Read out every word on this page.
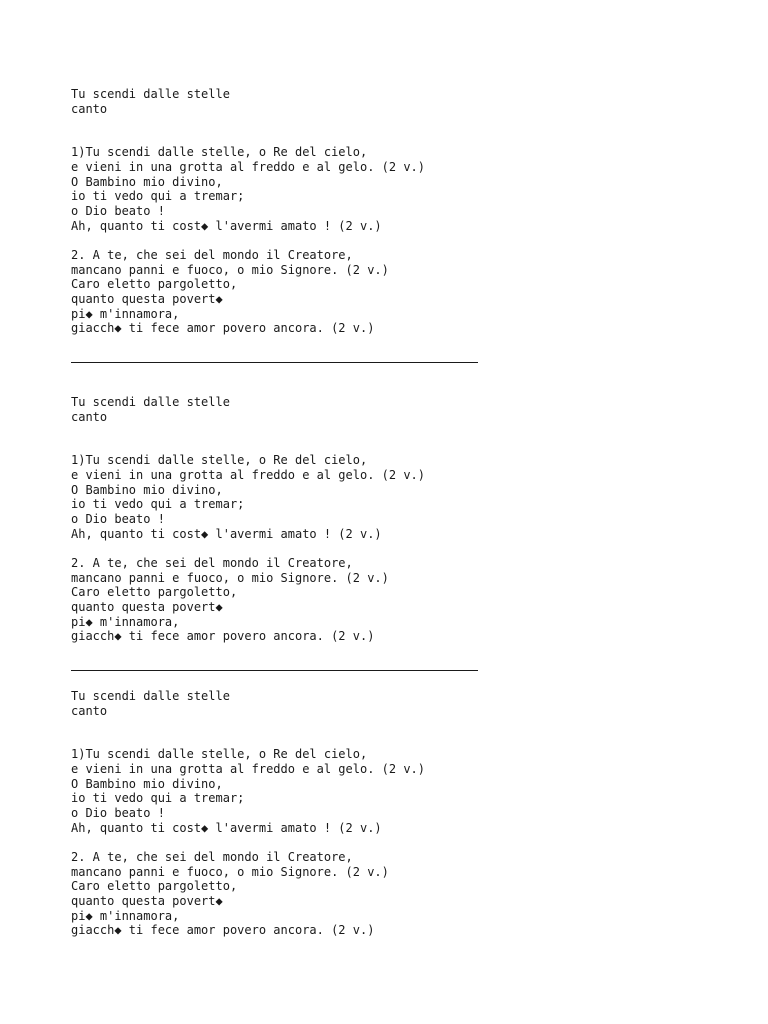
Tu scendi dalle stelle
canto
1)Tu scendi dalle stelle, o Re del cielo,
e vieni in una grotta al freddo e al gelo. (2 v.)
O Bambino mio divino,
io ti vedo qui a tremar;
o Dio beato !
Ah, quanto ti cost◆ l'avermi amato ! (2 v.)
2. A te, che sei del mondo il Creatore,
mancano panni e fuoco, o mio Signore. (2 v.)
Caro eletto pargoletto,
quanto questa povert◆
pi◆ m'innamora,
giacch◆ ti fece amor povero ancora. (2 v.)
Tu scendi dalle stelle
canto
1)Tu scendi dalle stelle, o Re del cielo,
e vieni in una grotta al freddo e al gelo. (2 v.)
O Bambino mio divino,
io ti vedo qui a tremar;
o Dio beato !
Ah, quanto ti cost◆ l'avermi amato ! (2 v.)
2. A te, che sei del mondo il Creatore,
mancano panni e fuoco, o mio Signore. (2 v.)
Caro eletto pargoletto,
quanto questa povert◆
pi◆ m'innamora,
giacch◆ ti fece amor povero ancora. (2 v.)
Tu scendi dalle stelle
canto
1)Tu scendi dalle stelle, o Re del cielo,
e vieni in una grotta al freddo e al gelo. (2 v.)
O Bambino mio divino,
io ti vedo qui a tremar;
o Dio beato !
Ah, quanto ti cost◆ l'avermi amato ! (2 v.)
2. A te, che sei del mondo il Creatore,
mancano panni e fuoco, o mio Signore. (2 v.)
Caro eletto pargoletto,
quanto questa povert◆
pi◆ m'innamora,
giacch◆ ti fece amor povero ancora. (2 v.)
